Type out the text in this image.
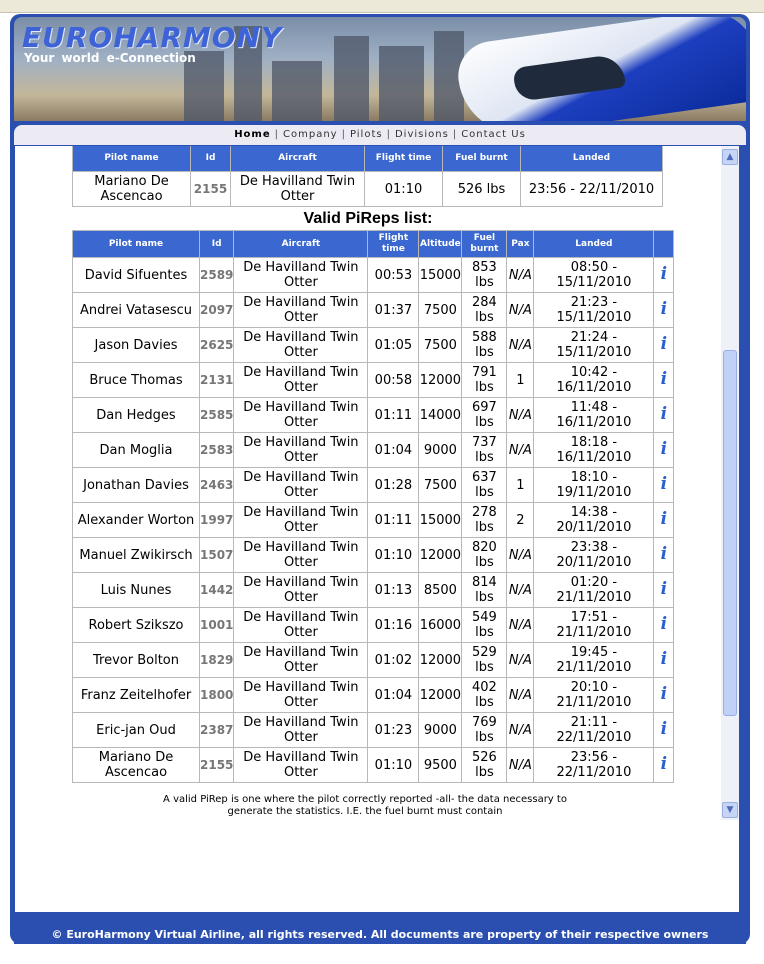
EUROHARMONY
Your world e-Connection
Home | Company | Pilots | Divisions | Contact Us
Pilot name	Id	Aircraft	Flight time	Fuel burnt	Landed
Mariano De Ascencao	2155	De Havilland Twin Otter	01:10	526 lbs	23:56 - 22/11/2010
Valid PiReps list:
Pilot name	Id	Aircraft	Flight time	Altitude	Fuel burnt	Pax	Landed	
David Sifuentes	2589	De Havilland Twin Otter	00:53	15000	853 lbs	N/A	08:50 - 15/11/2010	i
Andrei Vatasescu	2097	De Havilland Twin Otter	01:37	7500	284 lbs	N/A	21:23 - 15/11/2010	i
Jason Davies	2625	De Havilland Twin Otter	01:05	7500	588 lbs	N/A	21:24 - 15/11/2010	i
Bruce Thomas	2131	De Havilland Twin Otter	00:58	12000	791 lbs	1	10:42 - 16/11/2010	i
Dan Hedges	2585	De Havilland Twin Otter	01:11	14000	697 lbs	N/A	11:48 - 16/11/2010	i
Dan Moglia	2583	De Havilland Twin Otter	01:04	9000	737 lbs	N/A	18:18 - 16/11/2010	i
Jonathan Davies	2463	De Havilland Twin Otter	01:28	7500	637 lbs	1	18:10 - 19/11/2010	i
Alexander Worton	1997	De Havilland Twin Otter	01:11	15000	278 lbs	2	14:38 - 20/11/2010	i
Manuel Zwikirsch	1507	De Havilland Twin Otter	01:10	12000	820 lbs	N/A	23:38 - 20/11/2010	i
Luis Nunes	1442	De Havilland Twin Otter	01:13	8500	814 lbs	N/A	01:20 - 21/11/2010	i
Robert Szikszo	1001	De Havilland Twin Otter	01:16	16000	549 lbs	N/A	17:51 - 21/11/2010	i
Trevor Bolton	1829	De Havilland Twin Otter	01:02	12000	529 lbs	N/A	19:45 - 21/11/2010	i
Franz Zeitelhofer	1800	De Havilland Twin Otter	01:04	12000	402 lbs	N/A	20:10 - 21/11/2010	i
Eric-jan Oud	2387	De Havilland Twin Otter	01:23	9000	769 lbs	N/A	21:11 - 22/11/2010	i
Mariano De Ascencao	2155	De Havilland Twin Otter	01:10	9500	526 lbs	N/A	23:56 - 22/11/2010	i
A valid PiRep is one where the pilot correctly reported -all- the data necessary to generate the statistics. I.E. the fuel burnt must contain
▲
▼
© EuroHarmony Virtual Airline, all rights reserved. All documents are property of their respective owners
